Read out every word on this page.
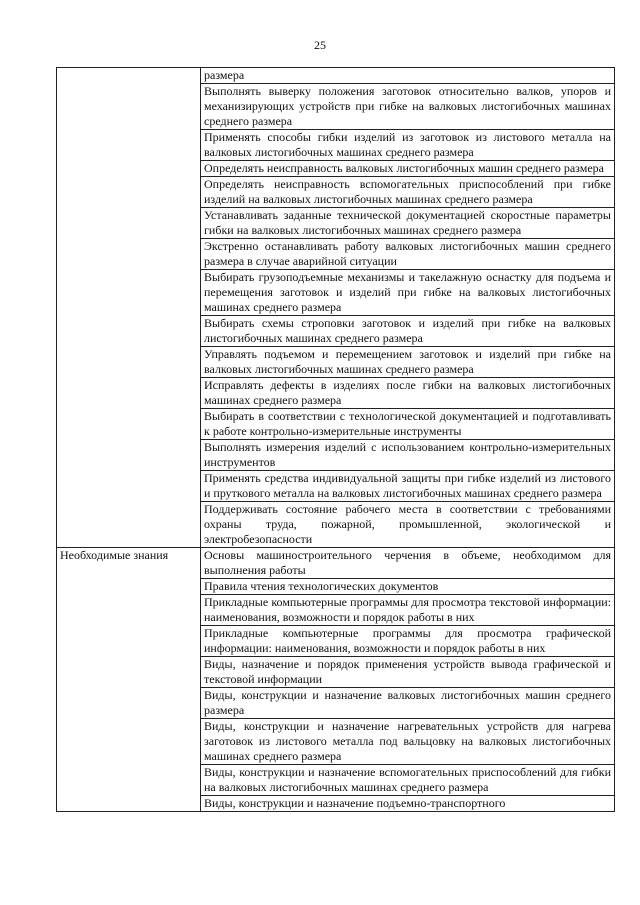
25
	размера
	Выполнять выверку положения заготовок относительно валков, упоров и механизирующих устройств при гибке на валковых листогибочных машинах среднего размера
	Применять способы гибки изделий из заготовок из листового металла на валковых листогибочных машинах среднего размера
	Определять неисправность валковых листогибочных машин среднего размера
	Определять неисправность вспомогательных приспособлений при гибке изделий на валковых листогибочных машинах среднего размера
	Устанавливать заданные технической документацией скоростные параметры гибки на валковых листогибочных машинах среднего размера
	Экстренно останавливать работу валковых листогибочных машин среднего размера в случае аварийной ситуации
	Выбирать грузоподъемные механизмы и такелажную оснастку для подъема и перемещения заготовок и изделий при гибке на валковых листогибочных машинах среднего размера
	Выбирать схемы строповки заготовок и изделий при гибке на валковых листогибочных машинах среднего размера
	Управлять подъемом и перемещением заготовок и изделий при гибке на валковых листогибочных машинах среднего размера
	Исправлять дефекты в изделиях после гибки на валковых листогибочных машинах среднего размера
	Выбирать в соответствии с технологической документацией и подготавливать к работе контрольно-измерительные инструменты
	Выполнять измерения изделий с использованием контрольно-измерительных инструментов
	Применять средства индивидуальной защиты при гибке изделий из листового и пруткового металла на валковых листогибочных машинах среднего размера
	Поддерживать состояние рабочего места в соответствии с требованиями охраны труда, пожарной, промышленной, экологической и электробезопасности
Необходимые знания	Основы машиностроительного черчения в объеме, необходимом для выполнения работы
	Правила чтения технологических документов
	Прикладные компьютерные программы для просмотра текстовой информации: наименования, возможности и порядок работы в них
	Прикладные компьютерные программы для просмотра графической информации: наименования, возможности и порядок работы в них
	Виды, назначение и порядок применения устройств вывода графической и текстовой информации
	Виды, конструкции и назначение валковых листогибочных машин среднего размера
	Виды, конструкции и назначение нагревательных устройств для нагрева заготовок из листового металла под вальцовку на валковых листогибочных машинах среднего размера
	Виды, конструкции и назначение вспомогательных приспособлений для гибки на валковых листогибочных машинах среднего размера
	Виды, конструкции и назначение подъемно-транспортного
